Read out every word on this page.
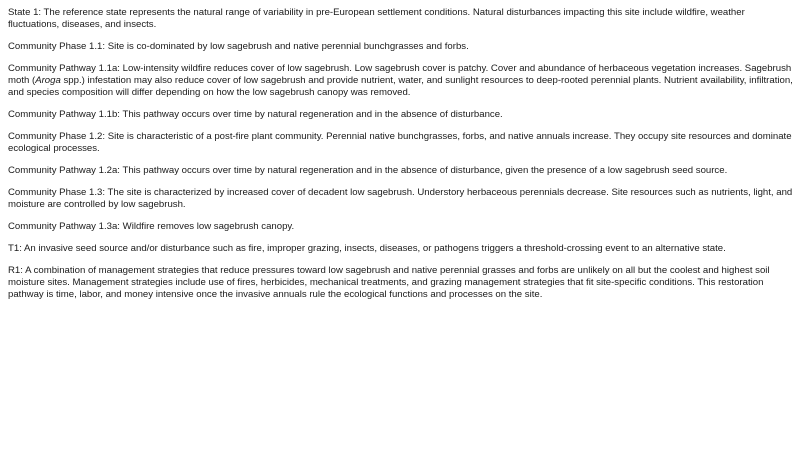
State 1: The reference state represents the natural range of variability in pre-European settlement conditions. Natural disturbances impacting this site include wildfire, weather fluctuations, diseases, and insects.

Community Phase 1.1: Site is co-dominated by low sagebrush and native perennial bunchgrasses and forbs.

Community Pathway 1.1a: Low-intensity wildfire reduces cover of low sagebrush. Low sagebrush cover is patchy. Cover and abundance of herbaceous vegetation increases. Sagebrush moth (Aroga spp.) infestation may also reduce cover of low sagebrush and provide nutrient, water, and sunlight resources to deep-rooted perennial plants. Nutrient availability, infiltration, and species composition will differ depending on how the low sagebrush canopy was removed.

Community Pathway 1.1b: This pathway occurs over time by natural regeneration and in the absence of disturbance.

Community Phase 1.2: Site is characteristic of a post-fire plant community. Perennial native bunchgrasses, forbs, and native annuals increase. They occupy site resources and dominate ecological processes.

Community Pathway 1.2a: This pathway occurs over time by natural regeneration and in the absence of disturbance, given the presence of a low sagebrush seed source.

Community Phase 1.3: The site is characterized by increased cover of decadent low sagebrush. Understory herbaceous perennials decrease. Site resources such as nutrients, light, and moisture are controlled by low sagebrush.

Community Pathway 1.3a: Wildfire removes low sagebrush canopy.

T1: An invasive seed source and/or disturbance such as fire, improper grazing, insects, diseases, or pathogens triggers a threshold-crossing event to an alternative state.

R1: A combination of management strategies that reduce pressures toward low sagebrush and native perennial grasses and forbs are unlikely on all but the coolest and highest soil moisture sites. Management strategies include use of fires, herbicides, mechanical treatments, and grazing management strategies that fit site-specific conditions. This restoration pathway is time, labor, and money intensive once the invasive annuals rule the ecological functions and processes on the site.
